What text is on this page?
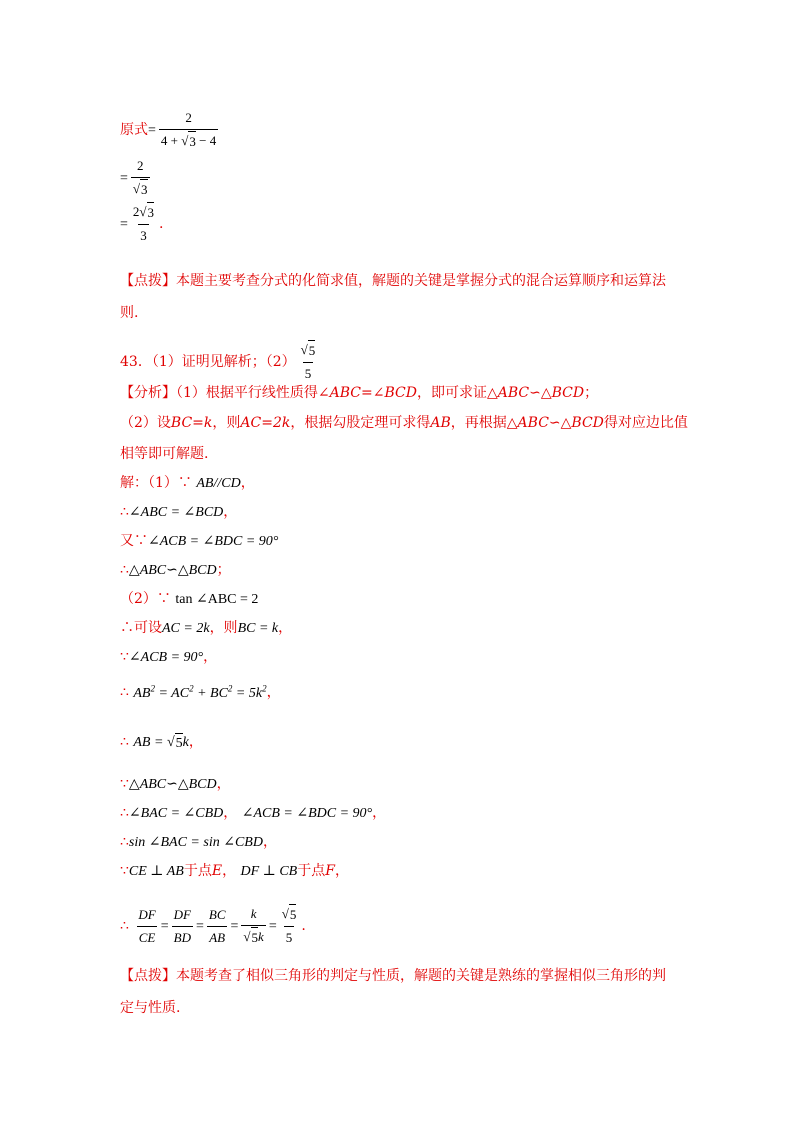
原式= $\frac{2}{4 + √ 3 - 4}$
= $\frac{2}{√ 3}$
= $\frac{2 √ 3}{3}$ .
【点拨】本题主要考查分式的化简求值，解题的关键是掌握分式的混合运算顺序和运算法
则.
43．（1）证明见解析；$(2) \frac{√ 5}{5}$
【分析】（1）根据平行线性质得∠ABC=∠BCD，即可求证△ABC∽△BCD；
（2）设BC=k，则AC=2k，根据勾股定理可求得AB，再根据△ABC∽△BCD得对应边比值
相等即可解题.
解：（1）∵ AB//CD，
∴∠ABC = ∠BCD，
又∵∠ACB = ∠BDC = 90°
∴△ABC∽△BCD；
（2）∵ tan ∠ABC = 2
∴可设AC = 2k，则BC = k，
∵∠ACB = 90°，
∴ $AB^2 = AC^2 + BC^2 = 5k^2$，
∴ AB = √ 5 k，
∵△ABC∽△BCD，
∴∠BAC = ∠CBD， ∠ACB = ∠BDC = 90°，
∴sin ∠BAC = sin ∠CBD，
∵CE ⊥ AB于点E， DF ⊥ CB于点F，
∴ $\frac{DF}{CE} = \frac{DF}{BD} = \frac{BC}{AB} = \frac{k}{√ 5 k} = \frac{√ 5}{5}$ .
【点拨】本题考查了相似三角形的判定与性质，解题的关键是熟练的掌握相似三角形的判
定与性质.
